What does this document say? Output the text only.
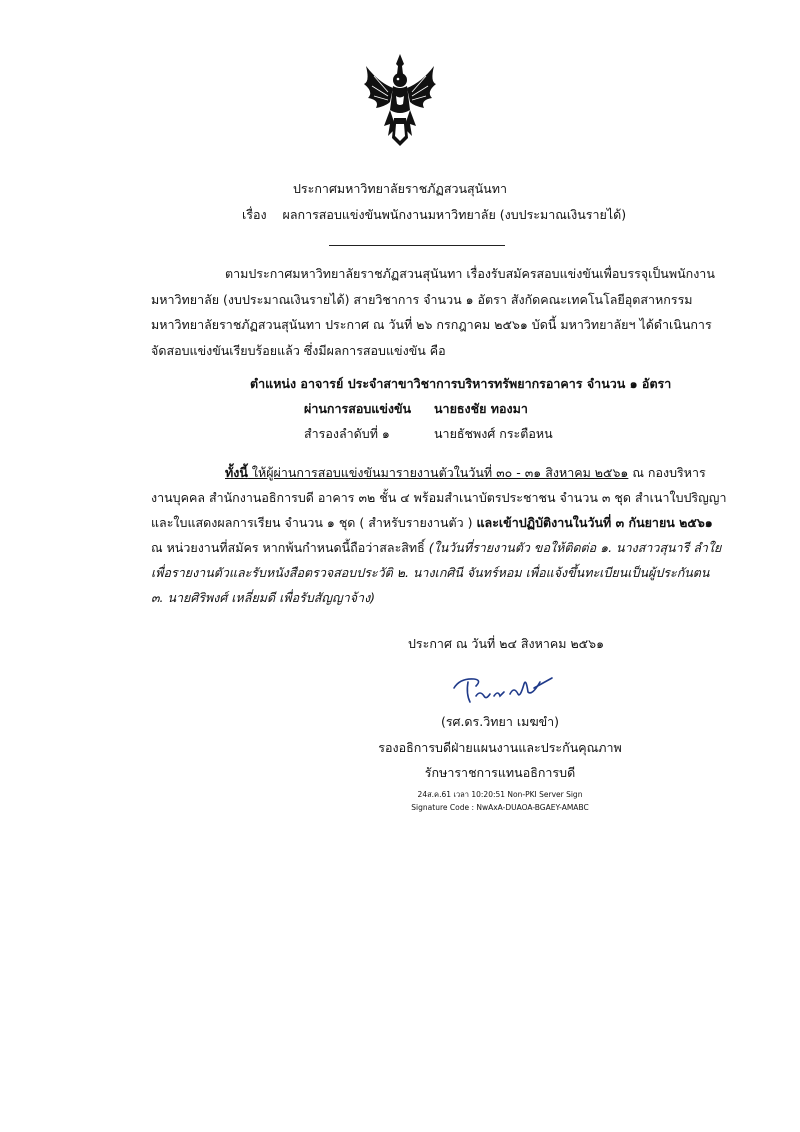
ประกาศมหาวิทยาลัยราชภัฏสวนสุนันทา
เรื่อง ผลการสอบแข่งขันพนักงานมหาวิทยาลัย (งบประมาณเงินรายได้)
ตามประกาศมหาวิทยาลัยราชภัฏสวนสุนันทา เรื่องรับสมัครสอบแข่งขันเพื่อบรรจุเป็นพนักงาน
มหาวิทยาลัย (งบประมาณเงินรายได้) สายวิชาการ จำนวน ๑ อัตรา สังกัดคณะเทคโนโลยีอุตสาหกรรม
มหาวิทยาลัยราชภัฏสวนสุนันทา ประกาศ ณ วันที่ ๒๖ กรกฎาคม ๒๕๖๑ บัดนี้ มหาวิทยาลัยฯ ได้ดำเนินการ
จัดสอบแข่งขันเรียบร้อยแล้ว ซึ่งมีผลการสอบแข่งขัน คือ
ตำแหน่ง อาจารย์ ประจำสาขาวิชาการบริหารทรัพยากรอาคาร จำนวน ๑ อัตรา
ผ่านการสอบแข่งขัน นายธงชัย ทองมา
สำรองลำดับที่ ๑	นายธัชพงศ์ กระตือหน
ทั้งนี้ ให้ผู้ผ่านการสอบแข่งขันมารายงานตัวในวันที่ ๓๐ - ๓๑ สิงหาคม ๒๕๖๑ ณ กองบริหาร
งานบุคคล สำนักงานอธิการบดี อาคาร ๓๒ ชั้น ๔ พร้อมสำเนาบัตรประชาชน จำนวน ๓ ชุด สำเนาใบปริญญา
และใบแสดงผลการเรียน จำนวน ๑ ชุด ( สำหรับรายงานตัว ) และเข้าปฏิบัติงานในวันที่ ๓ กันยายน ๒๕๖๑
ณ หน่วยงานที่สมัคร หากพ้นกำหนดนี้ถือว่าสละสิทธิ์ (ในวันที่รายงานตัว ขอให้ติดต่อ ๑. นางสาวสุนารี ลำใย
เพื่อรายงานตัวและรับหนังสือตรวจสอบประวัติ ๒. นางเกศินี จันทร์หอม เพื่อแจ้งขึ้นทะเบียนเป็นผู้ประกันตน
๓. นายศิริพงศ์ เหลี่ยมดี เพื่อรับสัญญาจ้าง)
ประกาศ ณ วันที่ ๒๔ สิงหาคม ๒๕๖๑
(รศ.ดร.วิทยา เมฆขำ)
รองอธิการบดีฝ่ายแผนงานและประกันคุณภาพ
รักษาราชการแทนอธิการบดี
24ส.ค.61 เวลา 10:20:51 Non-PKI Server Sign
Signature Code : NwAxA-DUAOA-BGAEY-AMABC
